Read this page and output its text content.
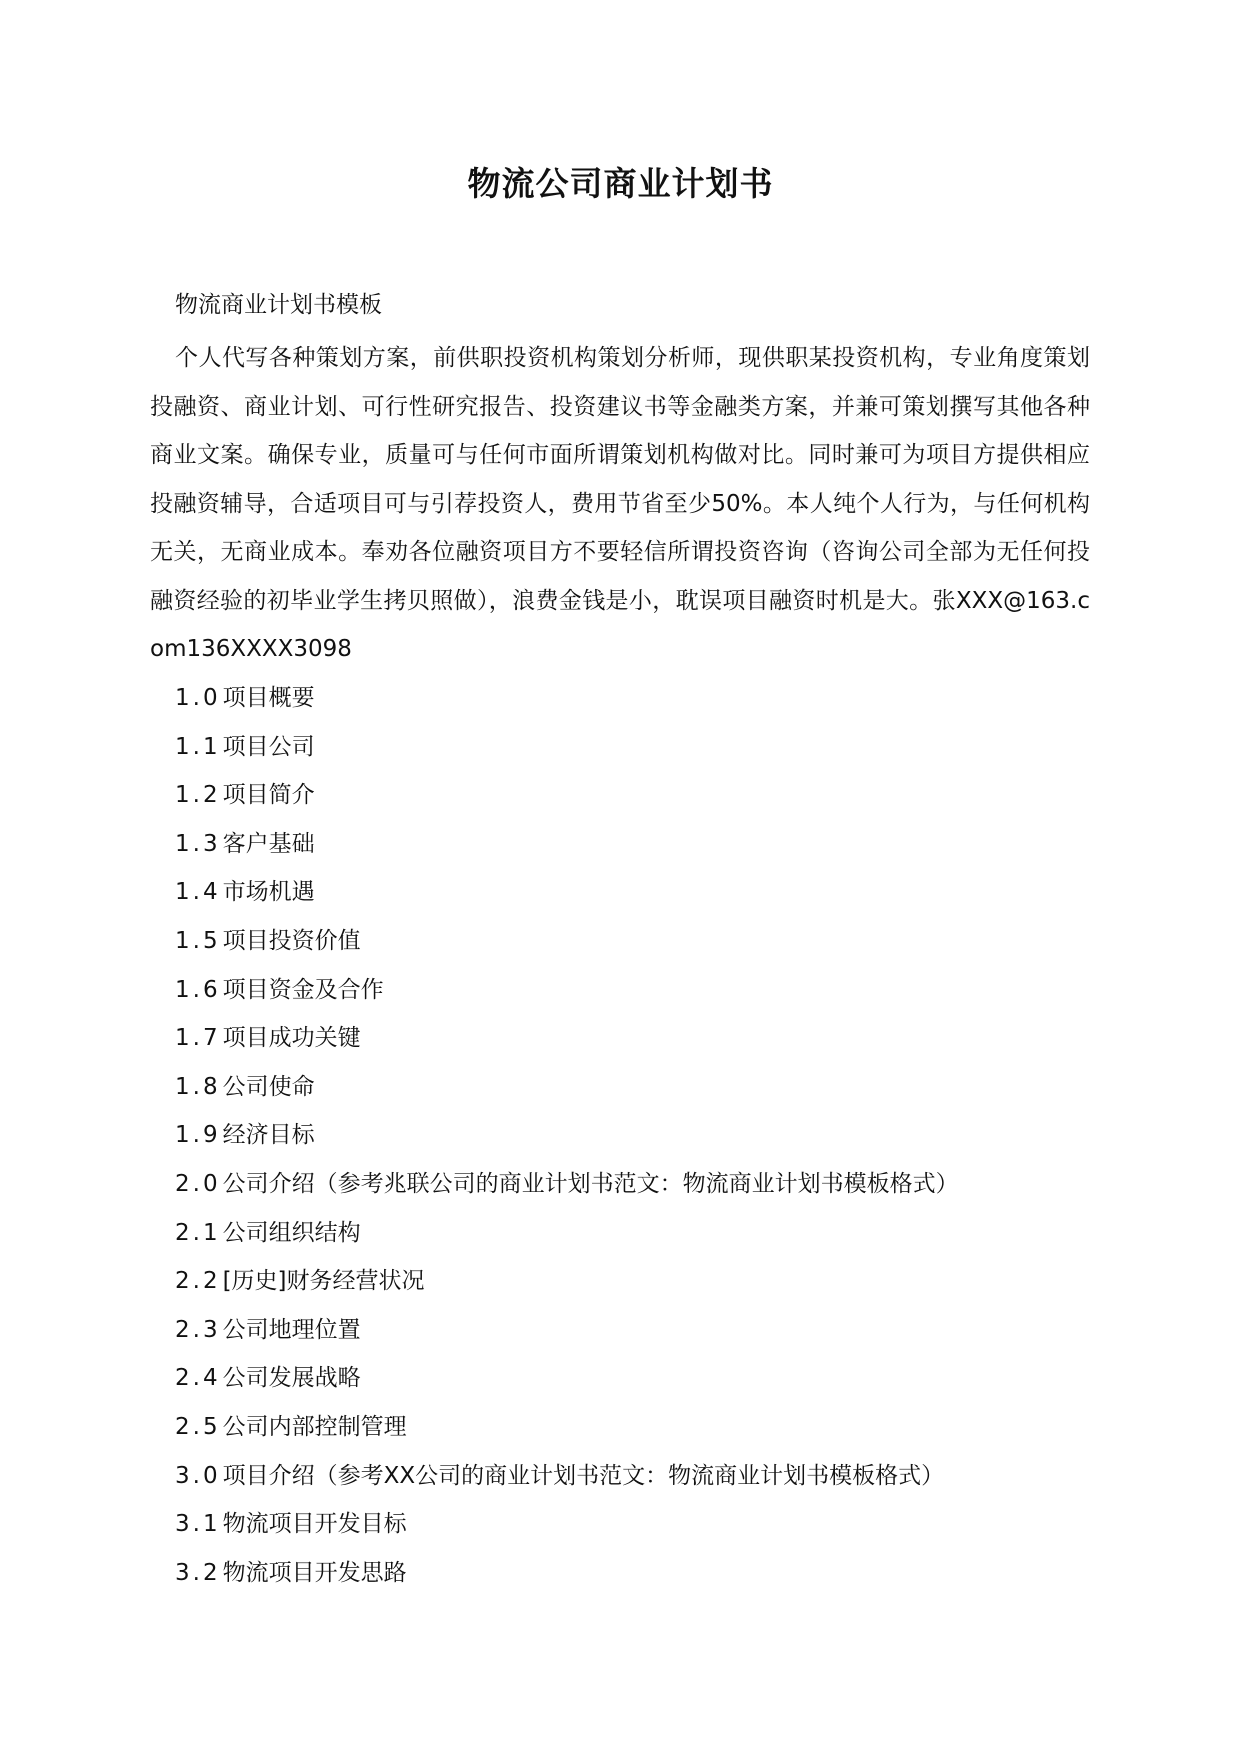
物流公司商业计划书

物流商业计划书模板

个人代写各种策划方案，前供职投资机构策划分析师，现供职某投资机构，专业角度策划投融资、商业计划、可行性研究报告、投资建议书等金融类方案，并兼可策划撰写其他各种商业文案。确保专业，质量可与任何市面所谓策划机构做对比。同时兼可为项目方提供相应投融资辅导，合适项目可与引荐投资人，费用节省至少50%。本人纯个人行为，与任何机构无关，无商业成本。奉劝各位融资项目方不要轻信所谓投资咨询（咨询公司全部为无任何投融资经验的初毕业学生拷贝照做），浪费金钱是小，耽误项目融资时机是大。张XXX@163.com136XXXX3098

1.0项目概要
1.1项目公司
1.2项目简介
1.3客户基础
1.4市场机遇
1.5项目投资价值
1.6项目资金及合作
1.7项目成功关键
1.8公司使命
1.9经济目标
2.0公司介绍（参考兆联公司的商业计划书范文：物流商业计划书模板格式）
2.1公司组织结构
2.2[历史]财务经营状况
2.3公司地理位置
2.4公司发展战略
2.5公司内部控制管理
3.0项目介绍（参考XX公司的商业计划书范文：物流商业计划书模板格式）
3.1物流项目开发目标
3.2物流项目开发思路
